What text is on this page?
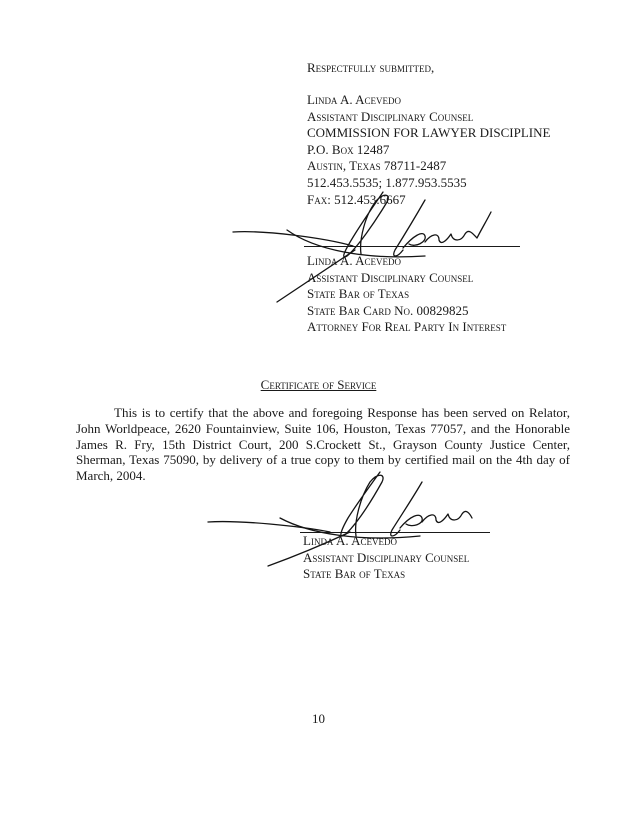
Respectfully submitted,
Linda A. Acevedo
Assistant Disciplinary Counsel
COMMISSION FOR LAWYER DISCIPLINE
P.O. Box 12487
Austin, Texas 78711-2487
512.453.5535; 1.877.953.5535
Fax: 512.453.6667
Linda A. Acevedo
Assistant Disciplinary Counsel
State Bar of Texas
State Bar Card No. 00829825
Attorney For Real Party In Interest
Certificate of Service
This is to certify that the above and foregoing Response has been served on Relator, John Worldpeace, 2620 Fountainview, Suite 106, Houston, Texas 77057, and the Honorable James R. Fry, 15th District Court, 200 S.Crockett St., Grayson County Justice Center, Sherman, Texas 75090, by delivery of a true copy to them by certified mail on the 4th day of March, 2004.
Linda A. Acevedo
Assistant Disciplinary Counsel
State Bar of Texas
10
